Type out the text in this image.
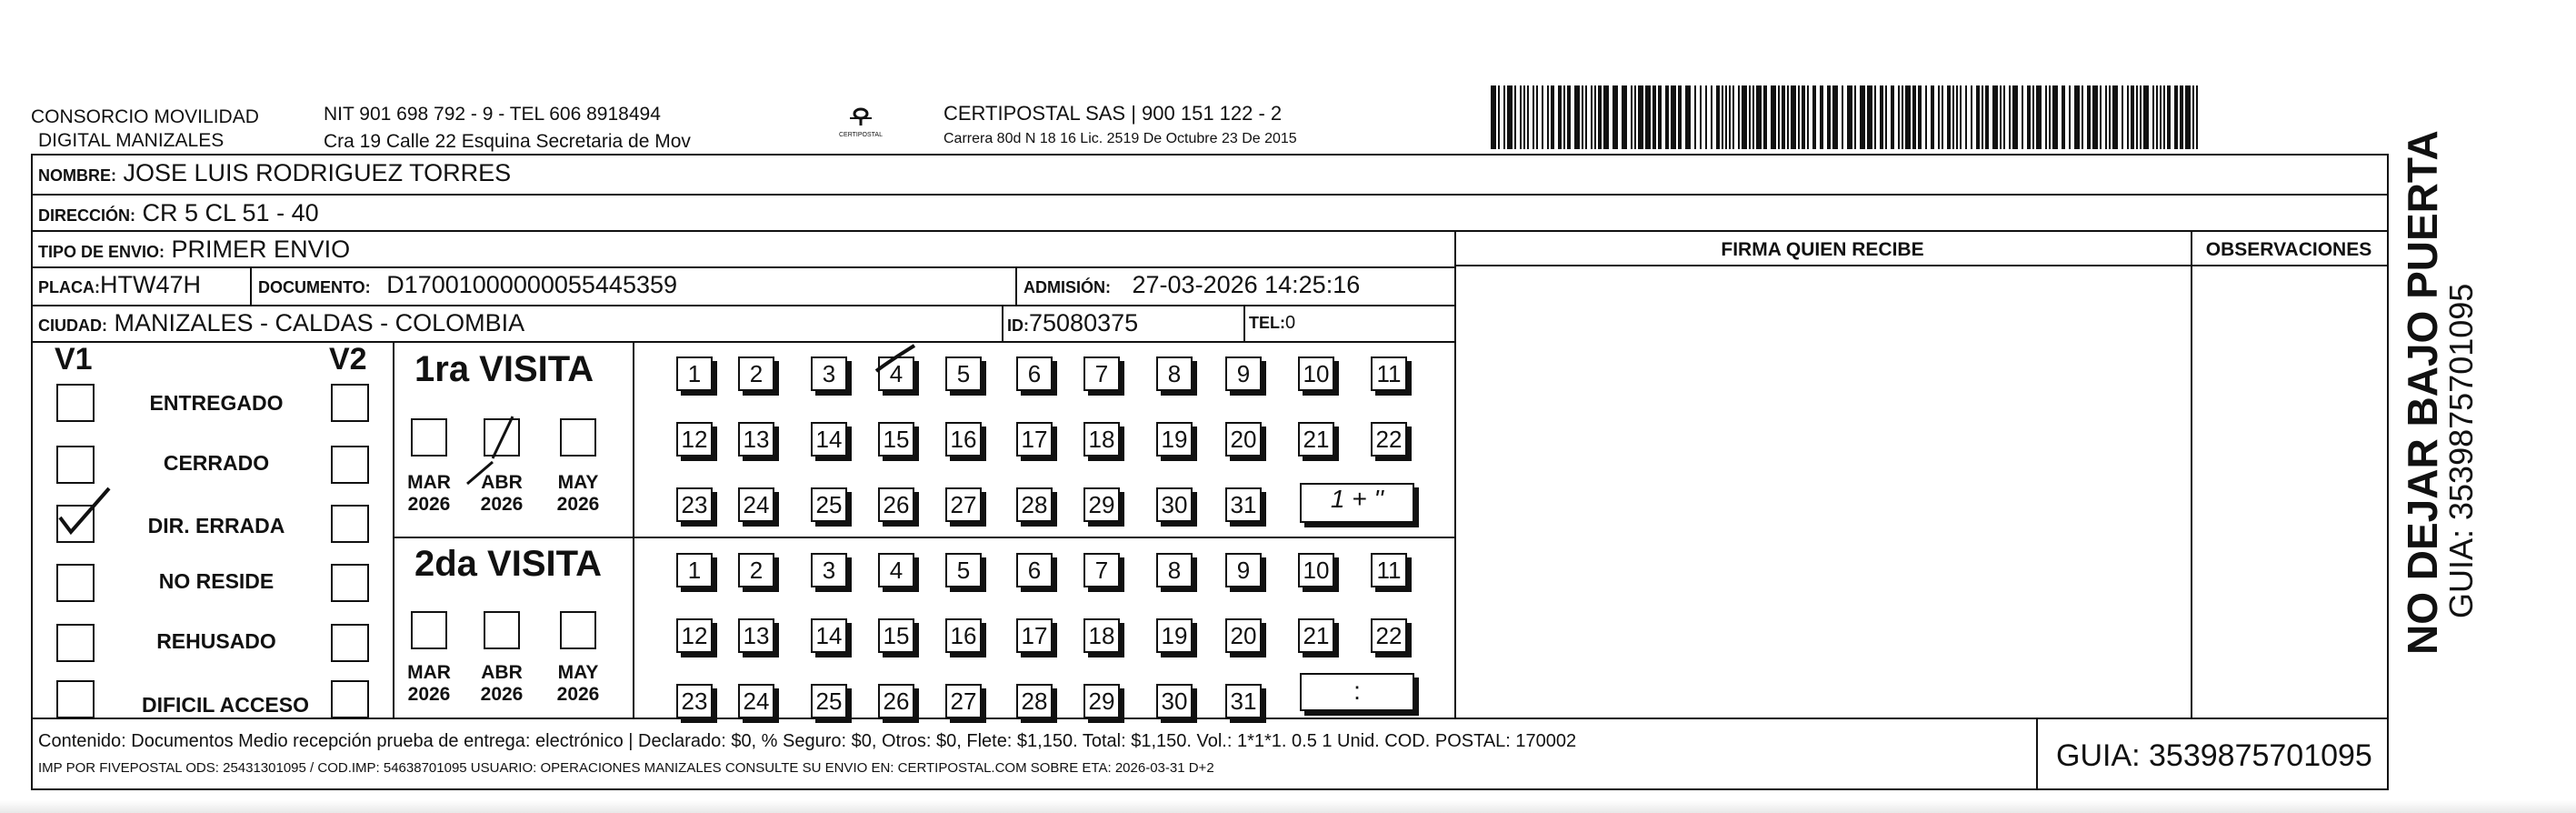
CONSORCIO MOVILIDAD
DIGITAL MANIZALES
NIT 901 698 792 - 9 - TEL 606 8918494
Cra 19 Calle 22 Esquina Secretaria de Mov	CERTIPOSTAL
CERTIPOSTAL SAS | 900 151 122 - 2
Carrera 80d N 18 16 Lic. 2519 De Octubre 23 De 2015
NOMBRE: JOSE LUIS RODRIGUEZ TORRES
DIRECCIÓN: CR 5 CL 51 - 40
TIPO DE ENVIO: PRIMER ENVIO	FIRMA QUIEN RECIBE	OBSERVACIONES
PLACA:HTW47H	DOCUMENTO: D17001000000055445359	ADMISIÓN: 27-03-2026 14:25:16
CIUDAD: MANIZALES - CALDAS - COLOMBIA	ID:75080375	TEL:0
V1	V2
ENTREGADO
CERRADO
DIR. ERRADA
NO RESIDE
REHUSADO
DIFICIL ACCESO
1ra VISITA
MAR
2026
ABR
2026
MAY
2026
1	2	3	4	5	6	7	8	9	10 11
12 13 14 15 16 17 18 19 20 21 22
23 24 25 26 27 28 29 30 31	1 + ''
2da VISITA
MAR
2026
ABR
2026
MAY
2026
1	2	3	4	5	6	7	8	9	10 11
12 13 14 15 16 17 18 19 20 21 22
23 24 25 26 27 28 29 30 31	:
Contenido: Documentos Medio recepción prueba de entrega: electrónico | Declarado: $0, % Seguro: $0, Otros: $0, Flete: $1,150. Total: $1,150. Vol.: 1*1*1. 0.5 1 Unid. COD. POSTAL: 170002
IMP POR FIVEPOSTAL ODS: 25431301095 / COD.IMP: 54638701095 USUARIO: OPERACIONES MANIZALES CONSULTE SU ENVIO EN: CERTIPOSTAL.COM SOBRE ETA: 2026-03-31 D+2	GUIA: 3539875701095
NO DEJAR BAJO PUERTA
GUIA: 3539875701095
